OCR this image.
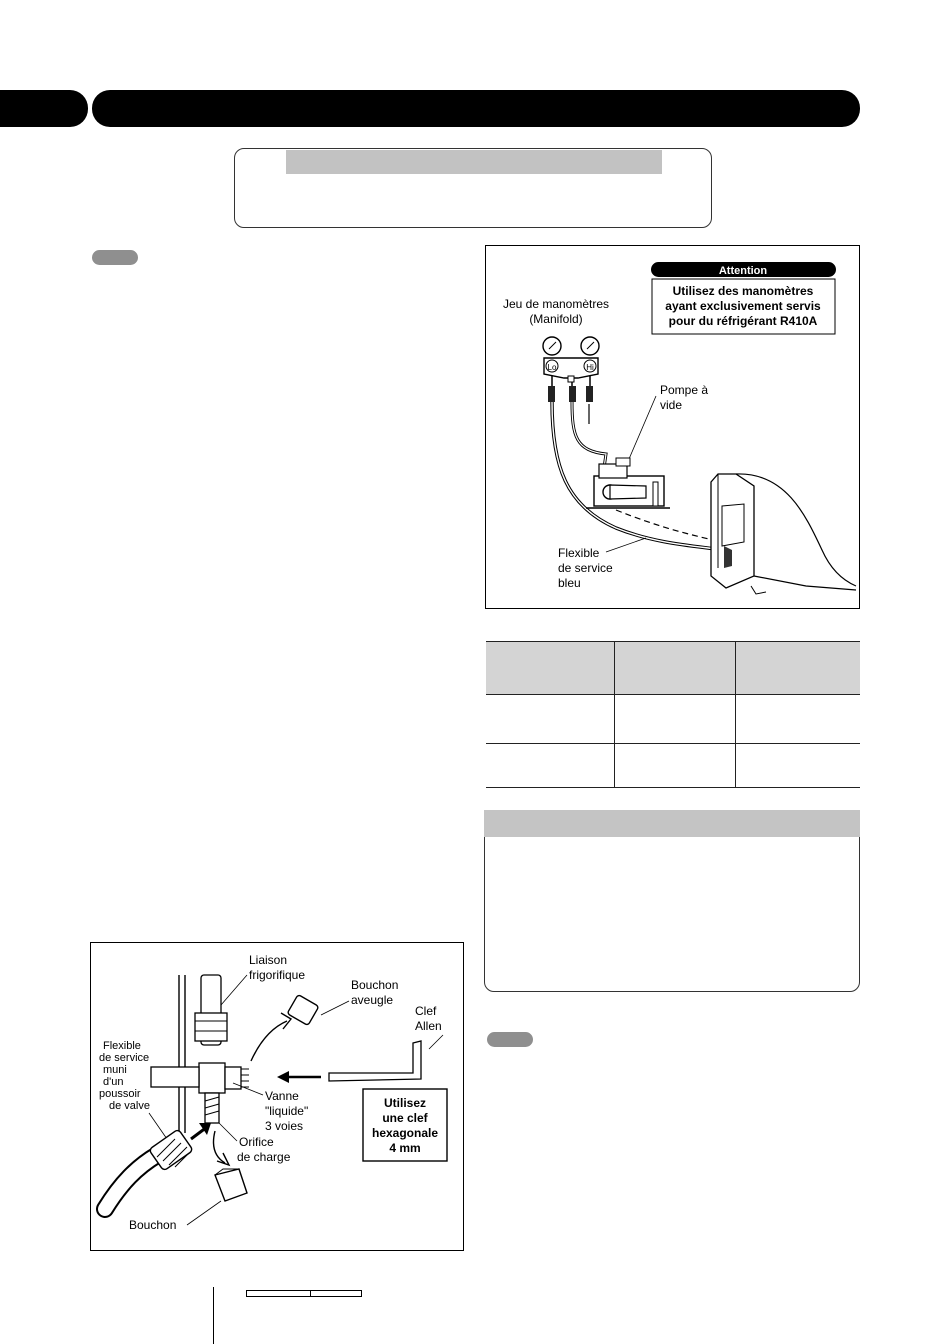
Attention
Utilisez des manomètres
ayant exclusivement servis
pour du réfrigérant R410A
Jeu de manomètres
(Manifold)
Lo	Hi
Pompe à
vide
Flexible
de service
bleu

Liaison
frigorifique
Bouchon
aveugle
Clef
Allen
Vanne
"liquide"
3 voies
Utilisez
une clef
hexagonale
4 mm
Flexible
de service
muni
d'un
poussoir
de valve
Orifice
de charge
Bouchon
